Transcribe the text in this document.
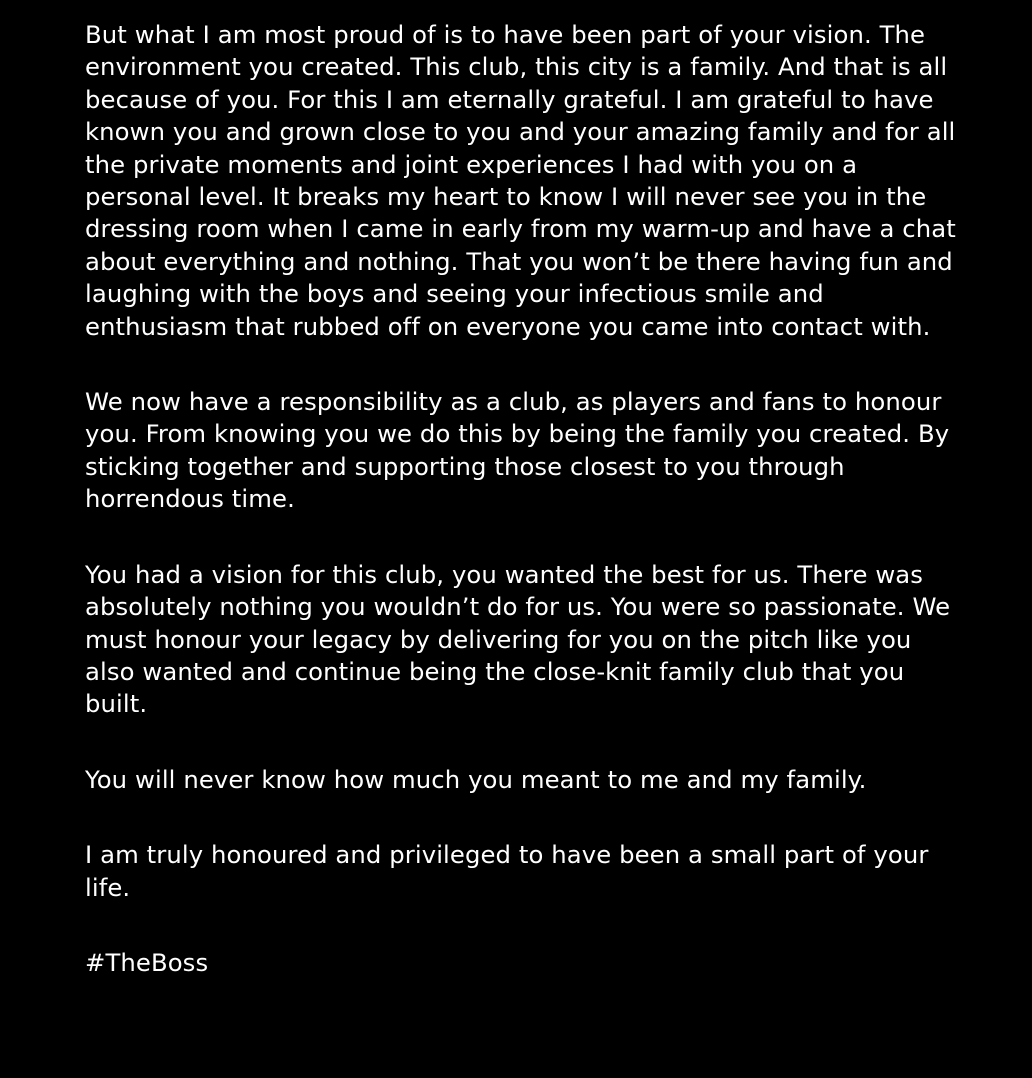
But what I am most proud of is to have been part of your vision. The environment you created. This club, this city is a family. And that is all because of you. For this I am eternally grateful. I am grateful to have known you and grown close to you and your amazing family and for all the private moments and joint experiences I had with you on a personal level. It breaks my heart to know I will never see you in the dressing room when I came in early from my warm-up and have a chat about everything and nothing. That you won’t be there having fun and laughing with the boys and seeing your infectious smile and enthusiasm that rubbed off on everyone you came into contact with.

We now have a responsibility as a club, as players and fans to honour you. From knowing you we do this by being the family you created. By sticking together and supporting those closest to you through horrendous time.

You had a vision for this club, you wanted the best for us. There was absolutely nothing you wouldn’t do for us. You were so passionate. We must honour your legacy by delivering for you on the pitch like you also wanted and continue being the close-knit family club that you built.

You will never know how much you meant to me and my family.

I am truly honoured and privileged to have been a small part of your life.

#TheBoss
